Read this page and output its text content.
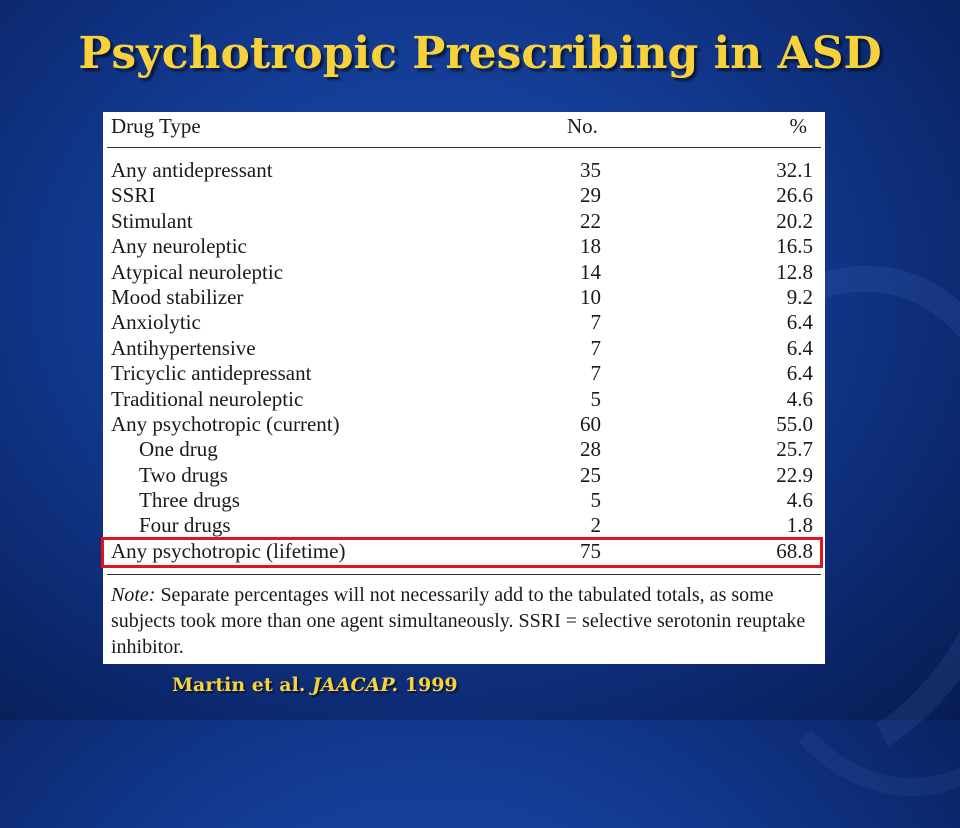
Psychotropic Prescribing in ASD
Drug Type	No.	%
Any antidepressant	35	32.1
SSRI	29	26.6
Stimulant	22	20.2
Any neuroleptic	18	16.5
Atypical neuroleptic	14	12.8
Mood stabilizer	10	9.2
Anxiolytic	7	6.4
Antihypertensive	7	6.4
Tricyclic antidepressant	7	6.4
Traditional neuroleptic	5	4.6
Any psychotropic (current)	60	55.0
One drug	28	25.7
Two drugs	25	22.9
Three drugs	5	4.6
Four drugs	2	1.8
Any psychotropic (lifetime)	75	68.8
Note: Separate percentages will not necessarily add to the tabulated totals, as some subjects took more than one agent simultaneously. SSRI = selective serotonin reuptake inhibitor.
Martin et al. JAACAP. 1999
